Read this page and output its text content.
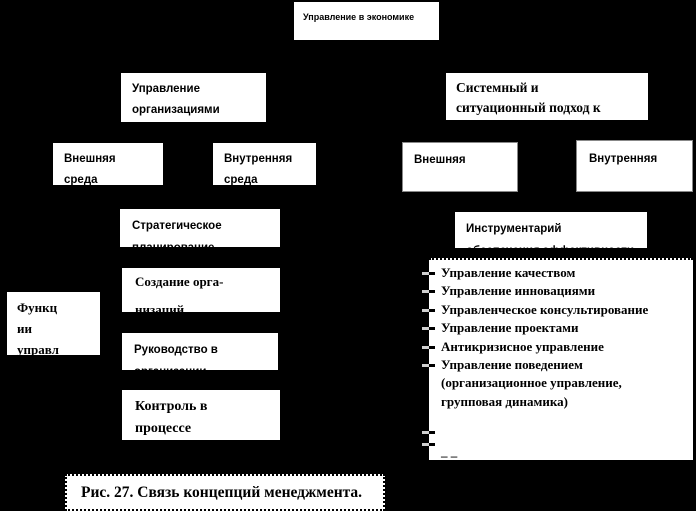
Управление в экономике
Управление
организациями
Системный и
ситуационный подход к
Внешняя
среда
Внутренняя
среда
Внешняя	Внутренняя
Стратегическое
планирование
Инструментарий
обеспечения эффективности
Создание орга-
низаций
Функц
ии
управл	Руководство в
организации
Контроль в
процессе
Управление качеством
Управление инновациями
Управленческое консультирование
Управление проектами
Антикризисное управление
Управление поведением
(организационное управление,
групповая динамика)
– –
Рис. 27. Связь концепций менеджмента.
